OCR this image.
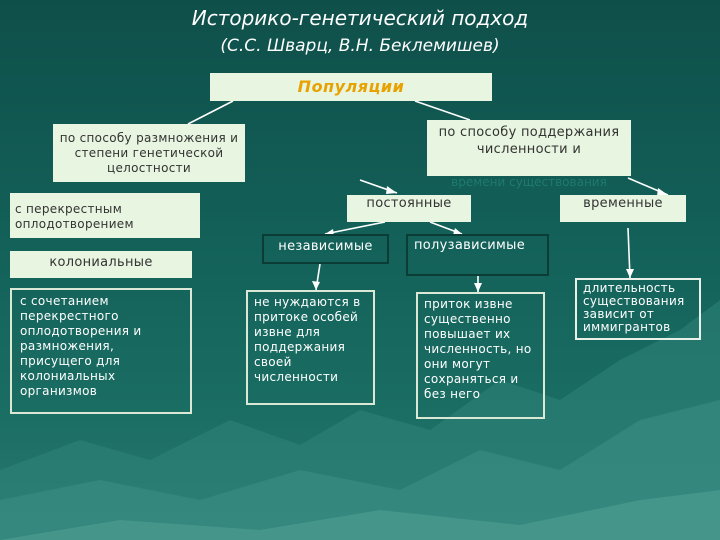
Историко-генетический подход
(С.С. Шварц, В.Н. Беклемишев)
Популяции
по способу размножения и степени генетической целостности
по способу поддержания численности и
времени существования
с перекрестным оплодотворением
колониальные
с сочетанием перекрестного оплодотворения и размножения, присущего для колониальных организмов
постоянные	временные
независимые	полузависимые
не нуждаются в притоке особей извне для поддержания своей численности
приток извне существенно повышает их численность, но они могут сохраняться и без него
длительность существования зависит от иммигрантов
